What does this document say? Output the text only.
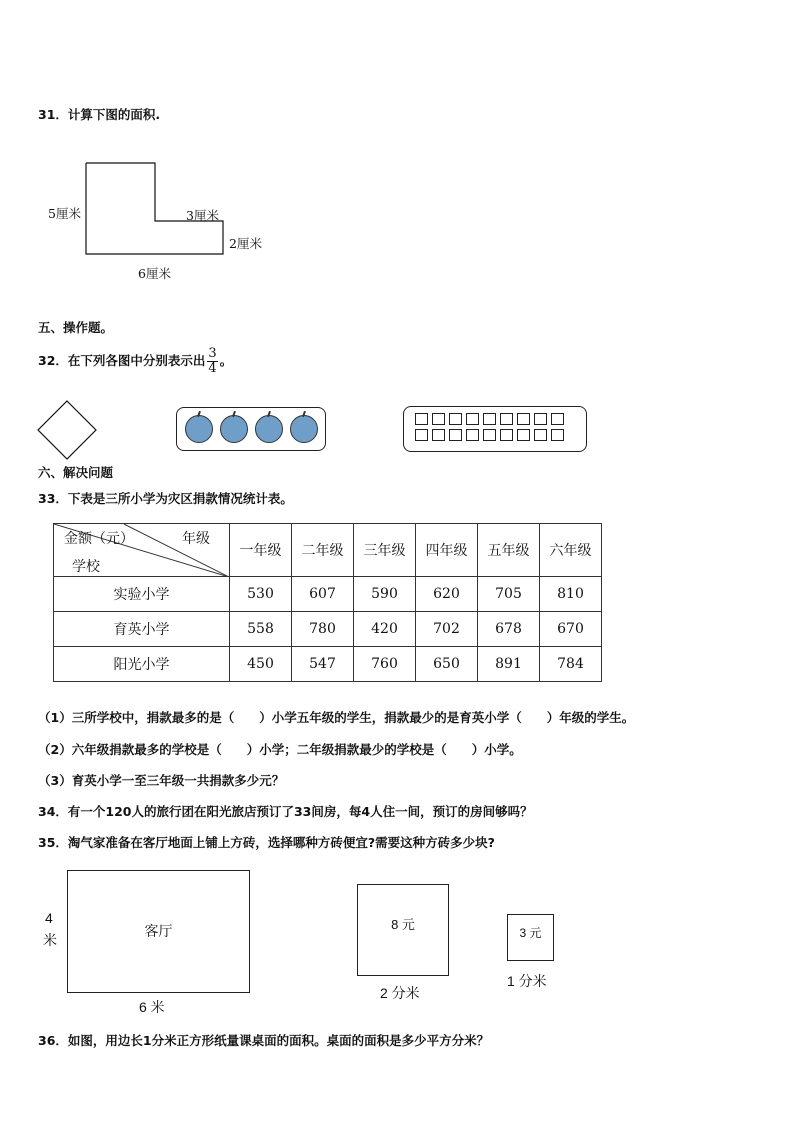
31．计算下图的面积.
5厘米	3厘米
2厘米
6厘米
五、操作题。
32．在下列各图中分别表示出 $\frac{3}{4}$ 。
六、解决问题
33．下表是三所小学为灾区捐款情况统计表。
年级
金额（元）
学校	一年级	二年级	三年级	四年级	五年级	六年级
实验小学	530	607	590	620	705	810
育英小学	558	780	420	702	678	670
阳光小学	450	547	760	650	891	784
（1）三所学校中，捐款最多的是（　　）小学五年级的学生，捐款最少的是育英小学（　　）年级的学生。
（2）六年级捐款最多的学校是（　　）小学；二年级捐款最少的学校是（　　）小学。
（3）育英小学一至三年级一共捐款多少元？
34．有一个120人的旅行团在阳光旅店预订了33间房，每4人住一间，预订的房间够吗？
35．淘气家准备在客厅地面上铺上方砖，选择哪种方砖便宜?需要这种方砖多少块?
客厅
4
米
6 米
8 元
2 分米
3 元
1 分米
36．如图，用边长1分米正方形纸量课桌面的面积。桌面的面积是多少平方分米？
